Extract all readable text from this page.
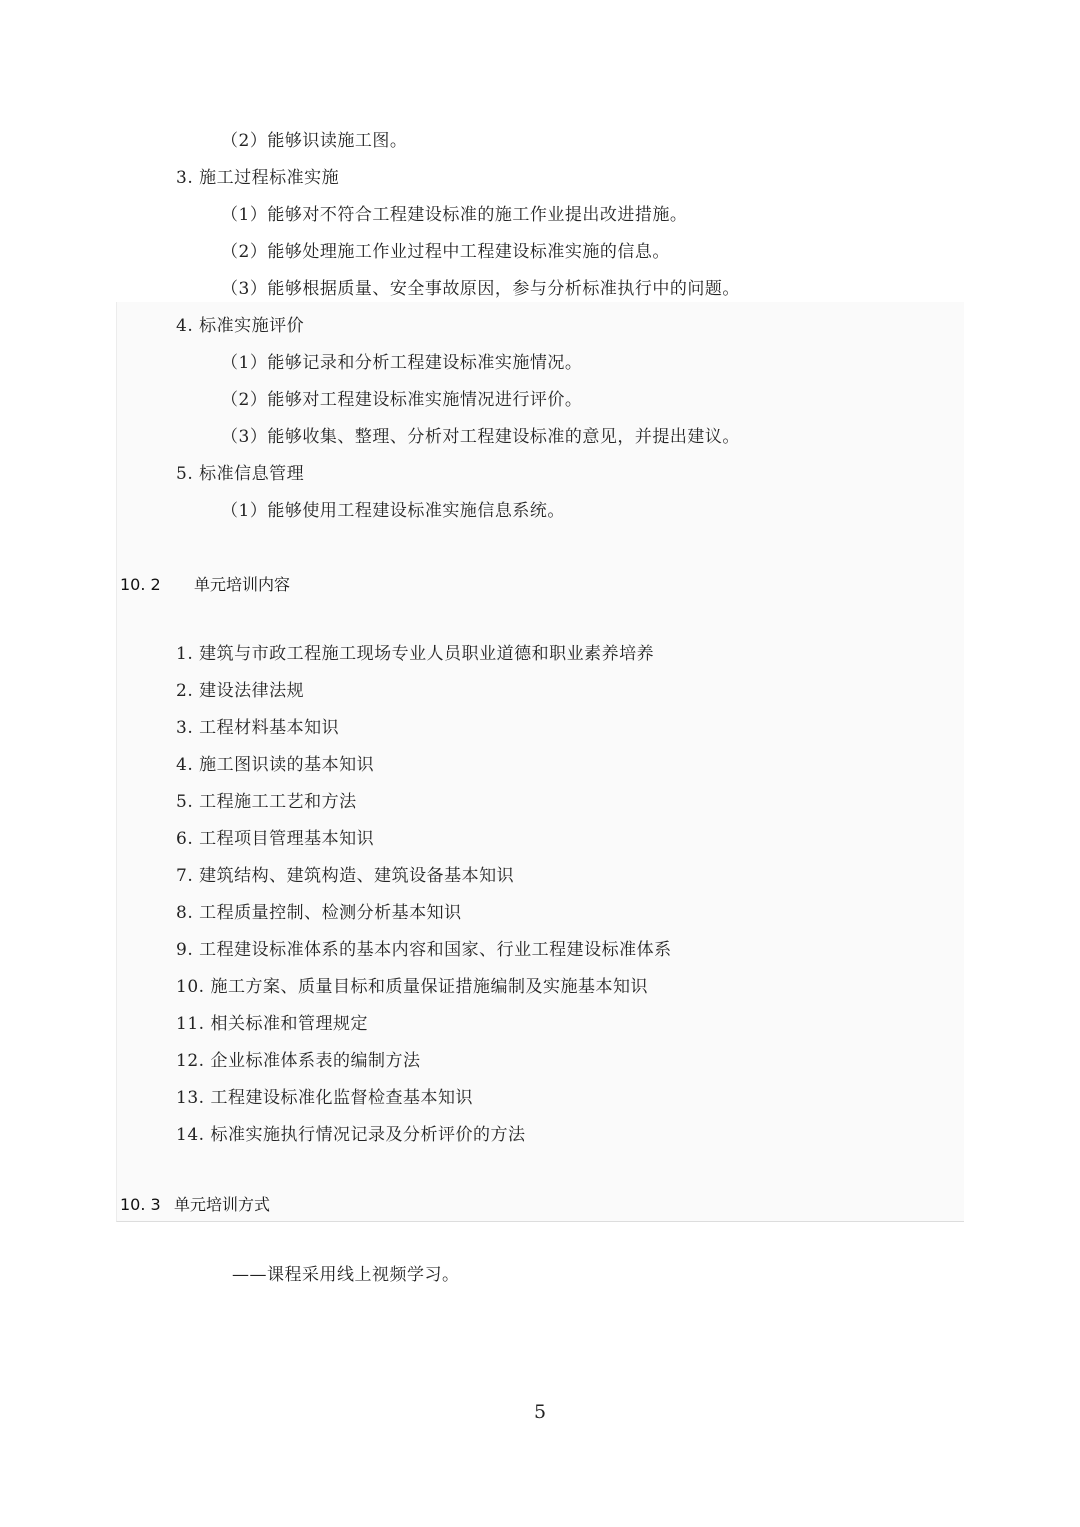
（2）能够识读施工图。
3. 施工过程标准实施
（1）能够对不符合工程建设标准的施工作业提出改进措施。
（2）能够处理施工作业过程中工程建设标准实施的信息。
（3）能够根据质量、安全事故原因，参与分析标准执行中的问题。
4. 标准实施评价
（1）能够记录和分析工程建设标准实施情况。
（2）能够对工程建设标准实施情况进行评价。
（3）能够收集、整理、分析对工程建设标准的意见，并提出建议。
5. 标准信息管理
（1）能够使用工程建设标准实施信息系统。
10. 2 单元培训内容
1. 建筑与市政工程施工现场专业人员职业道德和职业素养培养
2. 建设法律法规
3. 工程材料基本知识
4. 施工图识读的基本知识
5. 工程施工工艺和方法
6. 工程项目管理基本知识
7. 建筑结构、建筑构造、建筑设备基本知识
8. 工程质量控制、检测分析基本知识
9. 工程建设标准体系的基本内容和国家、行业工程建设标准体系
10. 施工方案、质量目标和质量保证措施编制及实施基本知识
11. 相关标准和管理规定
12. 企业标准体系表的编制方法
13. 工程建设标准化监督检查基本知识
14. 标准实施执行情况记录及分析评价的方法
10. 3 单元培训方式
——课程采用线上视频学习。
5
